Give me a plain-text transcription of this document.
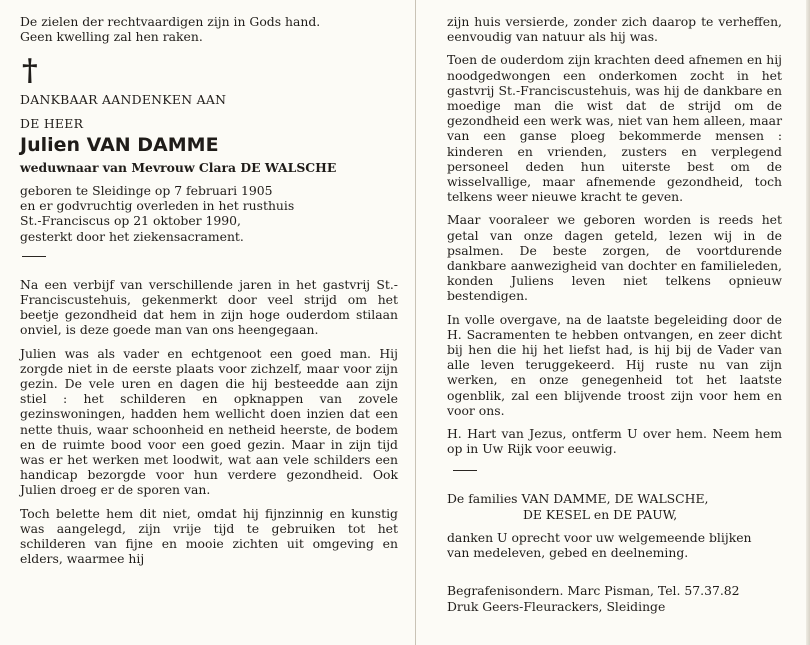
De zielen der rechtvaardigen zijn in Gods hand.

Geen kwelling zal hen raken.

†

DANKBAAR AANDENKEN AAN

DE HEER

Julien VAN DAMME

weduwnaar van Mevrouw Clara DE WALSCHE

geboren te Sleidinge op 7 februari 1905

en er godvruchtig overleden in het rusthuis

St.-Franciscus op 21 oktober 1990,

gesterkt door het ziekensacrament.

Na een verbijf van verschillende jaren in het gastvrij St.-Franciscustehuis, gekenmerkt door veel strijd om het beetje gezondheid dat hem in zijn hoge ouderdom stilaan onviel, is deze goede man van ons heengegaan.

Julien was als vader en echtgenoot een goed man. Hij zorgde niet in de eerste plaats voor zichzelf, maar voor zijn gezin. De vele uren en dagen die hij besteedde aan zijn stiel : het schilderen en opknappen van zovele gezinswoningen, hadden hem wellicht doen inzien dat een nette thuis, waar schoonheid en netheid heerste, de bodem en de ruimte bood voor een goed gezin. Maar in zijn tijd was er het werken met loodwit, wat aan vele schilders een handicap bezorgde voor hun verdere gezondheid. Ook Julien droeg er de sporen van.

Toch belette hem dit niet, omdat hij fijnzinnig en kunstig was aangelegd, zijn vrije tijd te gebruiken tot het schilderen van fijne en mooie zichten uit omgeving en elders, waarmee hij

zijn huis versierde, zonder zich daarop te verheffen, eenvoudig van natuur als hij was.

Toen de ouderdom zijn krachten deed afnemen en hij noodgedwongen een onderkomen zocht in het gastvrij St.-Franciscustehuis, was hij de dankbare en moedige man die wist dat de strijd om de gezondheid een werk was, niet van hem alleen, maar van een ganse ploeg bekommerde mensen : kinderen en vrienden, zusters en verplegend personeel deden hun uiterste best om de wisselvallige, maar afnemende gezondheid, toch telkens weer nieuwe kracht te geven.

Maar vooraleer we geboren worden is reeds het getal van onze dagen geteld, lezen wij in de psalmen. De beste zorgen, de voortdurende dankbare aanwezigheid van dochter en familieleden, konden Juliens leven niet telkens opnieuw bestendigen.

In volle overgave, na de laatste begeleiding door de H. Sacramenten te hebben ontvangen, en zeer dicht bij hen die hij het liefst had, is hij bij de Vader van alle leven teruggekeerd. Hij ruste nu van zijn werken, en onze genegenheid tot het laatste ogenblik, zal een blijvende troost zijn voor hem en voor ons.

H. Hart van Jezus, ontferm U over hem. Neem hem op in Uw Rijk voor eeuwig.

De families VAN DAMME, DE WALSCHE,

DE KESEL en DE PAUW,

danken U oprecht voor uw welgemeende blijken

van medeleven, gebed en deelneming.

Begrafenisondern. Marc Pisman, Tel. 57.37.82

Druk Geers-Fleurackers, Sleidinge
